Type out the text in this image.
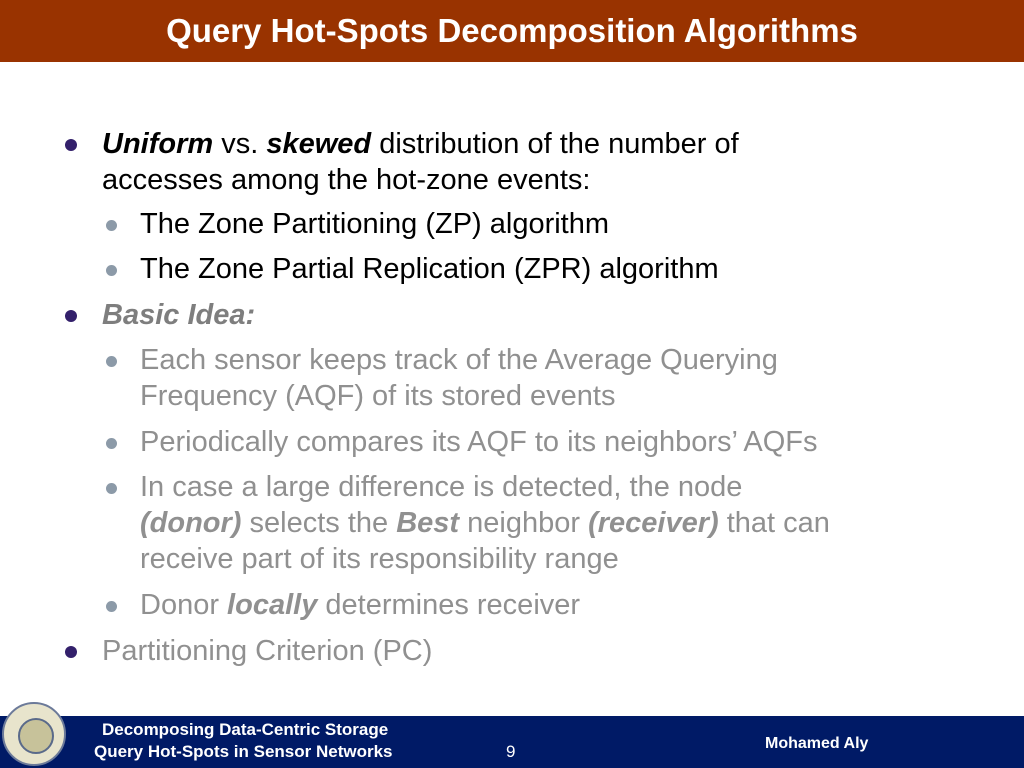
Query Hot-Spots Decomposition Algorithms
Uniform vs. skewed distribution of the number of
accesses among the hot-zone events:
The Zone Partitioning (ZP) algorithm
The Zone Partial Replication (ZPR) algorithm
Basic Idea:
Each sensor keeps track of the Average Querying
Frequency (AQF) of its stored events
Periodically compares its AQF to its neighbors’ AQFs
In case a large difference is detected, the node
(donor) selects the Best neighbor (receiver) that can
receive part of its responsibility range
Donor locally determines receiver
Partitioning Criterion (PC)
Decomposing Data-Centric Storage
Query Hot-Spots in Sensor Networks	9	Mohamed Aly
